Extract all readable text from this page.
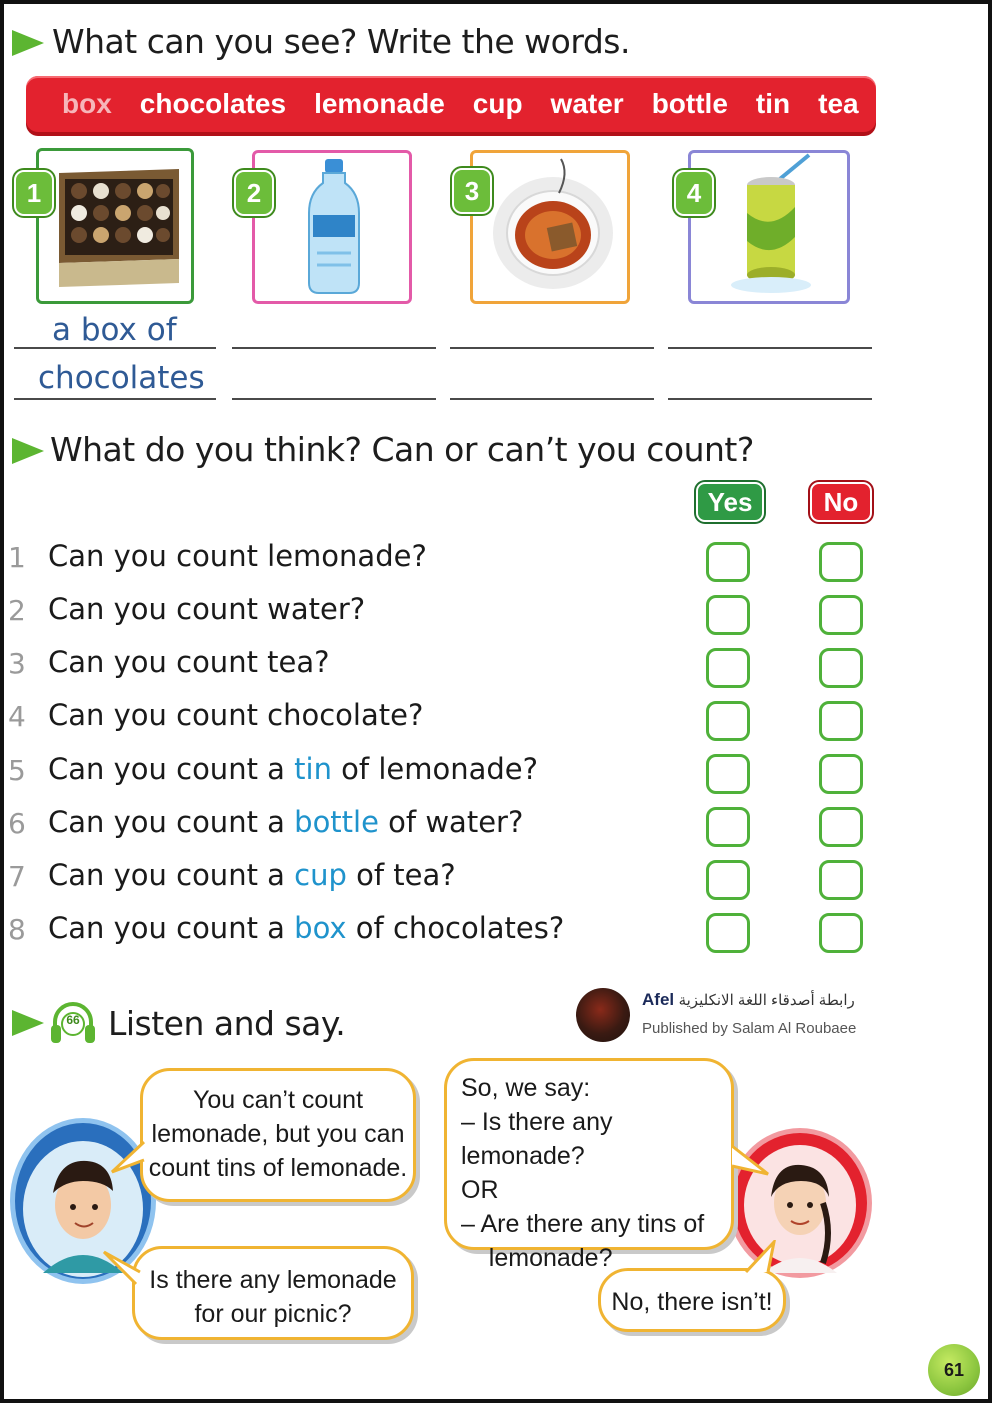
What can you see? Write the words.
box chocolates lemonade cup water bottle tin tea
1	2	3	4
a box of
chocolates
What do you think? Can or can’t you count?
Yes	No
1 Can you count lemonade?
2 Can you count water?
3 Can you count tea?
4 Can you count chocolate?
5 Can you count a tin of lemonade?
6 Can you count a bottle of water?
7 Can you count a cup of tea?
8 Can you count a box of chocolates?
66 Listen and say.
Afel رابطة أصدقاء اللغة الانكليزية
Published by Salam Al Roubaee
You can’t count
lemonade, but you can
count tins of lemonade.
Is there any lemonade
for our picnic?
So, we say:
– Is there any lemonade?
OR
– Are there any tins of
lemonade?
No, there isn’t!
61
